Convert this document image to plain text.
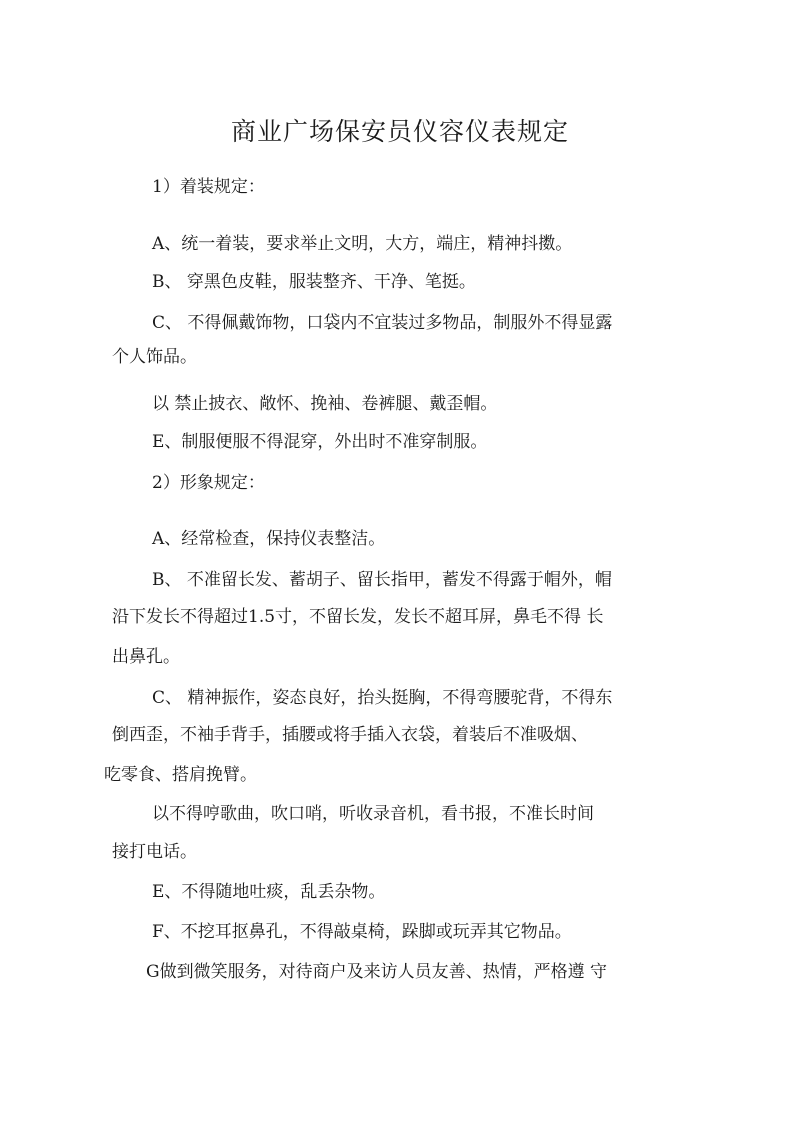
商业广场保安员仪容仪表规定
1）着装规定：
A、统一着装，要求举止文明，大方，端庄，精神抖擞。
B、 穿黑色皮鞋，服装整齐、干净、笔挺。
C、 不得佩戴饰物，口袋内不宜装过多物品，制服外不得显露
个人饰品。
以 禁止披衣、敞怀、挽袖、卷裤腿、戴歪帽。
E、制服便服不得混穿，外出时不准穿制服。
2）形象规定：
A、经常检查，保持仪表整洁。
B、 不准留长发、蓄胡子、留长指甲，蓄发不得露于帽外，帽
沿下发长不得超过1.5寸，不留长发，发长不超耳屏，鼻毛不得 长
出鼻孔。
C、 精神振作，姿态良好，抬头挺胸，不得弯腰驼背，不得东
倒西歪，不袖手背手，插腰或将手插入衣袋，着装后不准吸烟、
吃零食、搭肩挽臂。
以不得哼歌曲，吹口哨，听收录音机，看书报，不准长时间
接打电话。
E、不得随地吐痰，乱丢杂物。
F、不挖耳抠鼻孔，不得敲桌椅，跺脚或玩弄其它物品。
G做到微笑服务，对待商户及来访人员友善、热情，严格遵 守
